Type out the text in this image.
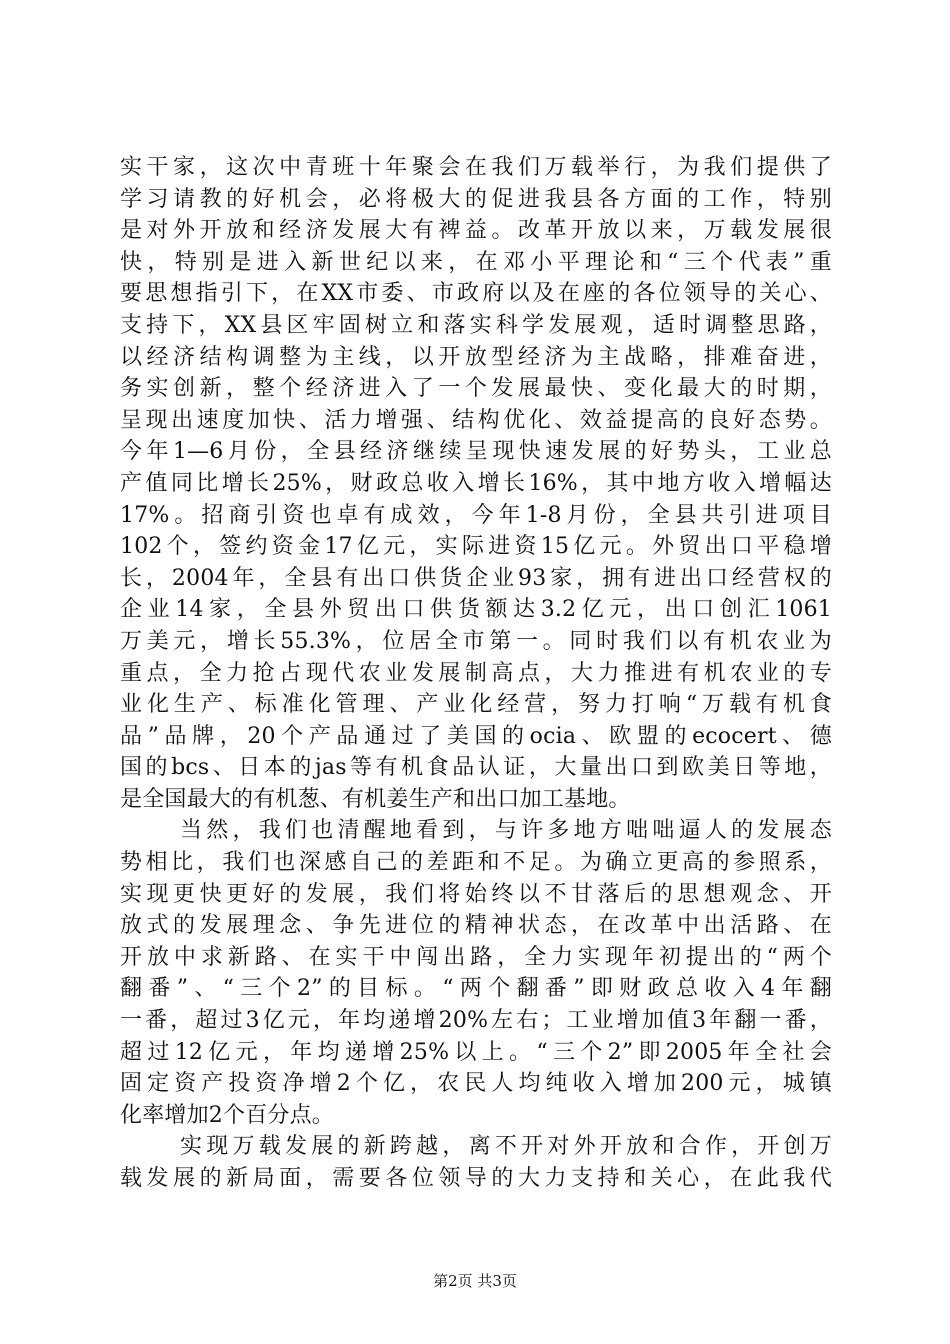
实干家，这次中青班十年聚会在我们万载举行，为我们提供了
学习请教的好机会，必将极大的促进我县各方面的工作，特别
是对外开放和经济发展大有裨益。改革开放以来，万载发展很
快，特别是进入新世纪以来，在邓小平理论和“三个代表”重
要思想指引下，在XX市委、市政府以及在座的各位领导的关心、
支持下，XX县区牢固树立和落实科学发展观，适时调整思路，
以经济结构调整为主线，以开放型经济为主战略，排难奋进，
务实创新，整个经济进入了一个发展最快、变化最大的时期，
呈现出速度加快、活力增强、结构优化、效益提高的良好态势。
今年1—6月份，全县经济继续呈现快速发展的好势头，工业总
产值同比增长25%，财政总收入增长16%，其中地方收入增幅达
17%。招商引资也卓有成效，今年1-8月份，全县共引进项目
102个，签约资金17亿元，实际进资15亿元。外贸出口平稳增
长，2004年，全县有出口供货企业93家，拥有进出口经营权的
企业14家，全县外贸出口供货额达3.2亿元，出口创汇1061
万美元，增长55.3%，位居全市第一。同时我们以有机农业为
重点，全力抢占现代农业发展制高点，大力推进有机农业的专
业化生产、标准化管理、产业化经营，努力打响“万载有机食
品”品牌，20个产品通过了美国的ocia、欧盟的ecocert、德
国的bcs、日本的jas等有机食品认证，大量出口到欧美日等地，
是全国最大的有机葱、有机姜生产和出口加工基地。
当然，我们也清醒地看到，与许多地方咄咄逼人的发展态
势相比，我们也深感自己的差距和不足。为确立更高的参照系，
实现更快更好的发展，我们将始终以不甘落后的思想观念、开
放式的发展理念、争先进位的精神状态，在改革中出活路、在
开放中求新路、在实干中闯出路，全力实现年初提出的“两个
翻番”、“三个2”的目标。“两个翻番”即财政总收入4年翻
一番，超过3亿元，年均递增20%左右；工业增加值3年翻一番，
超过12亿元，年均递增25%以上。“三个2”即2005年全社会
固定资产投资净增2个亿，农民人均纯收入增加200元，城镇
化率增加2个百分点。
实现万载发展的新跨越，离不开对外开放和合作，开创万
载发展的新局面，需要各位领导的大力支持和关心，在此我代
第2页 共3页
